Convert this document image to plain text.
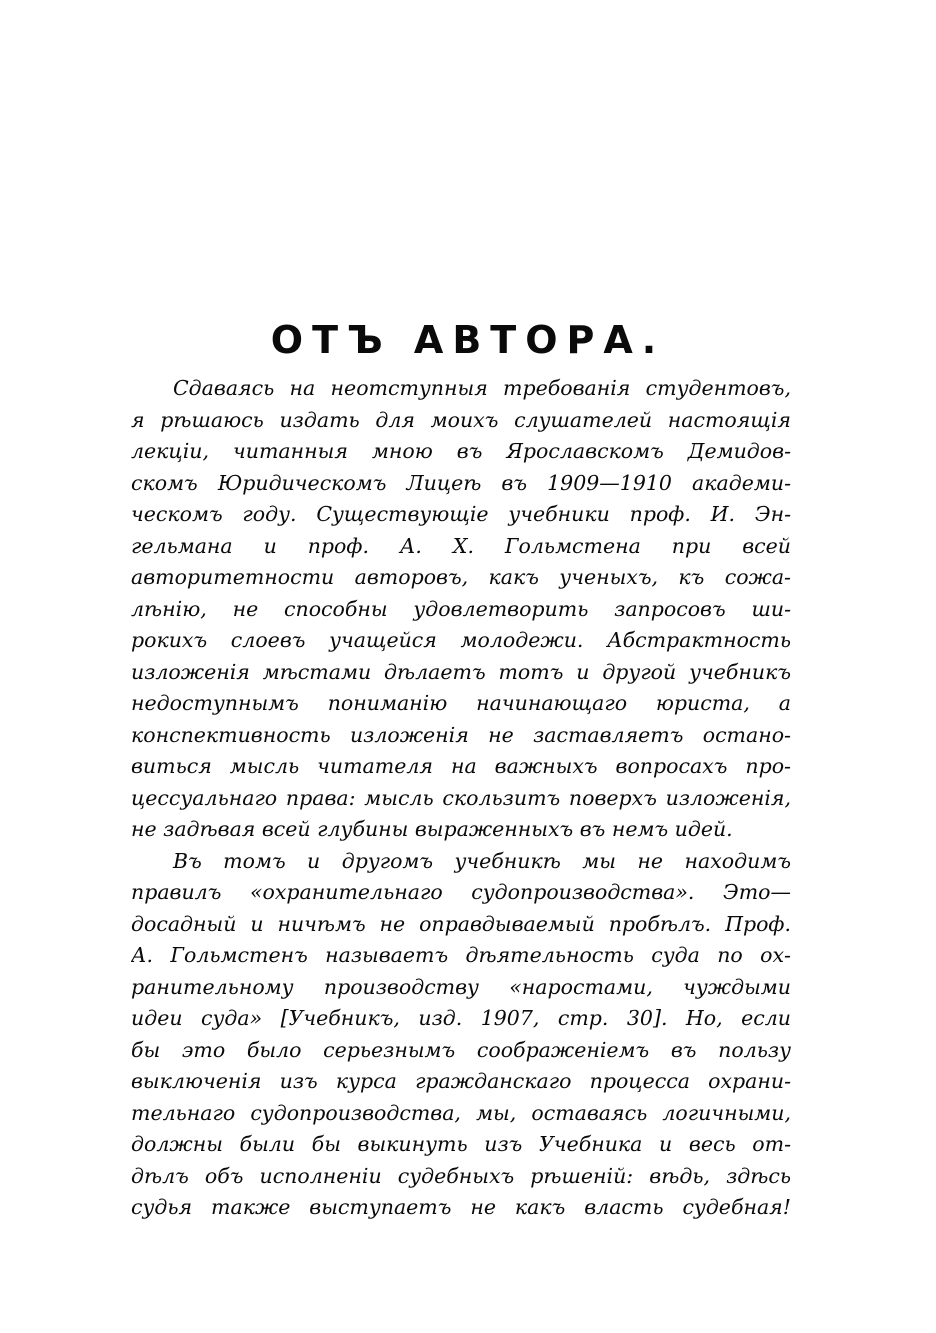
ОТЪ АВТОРА.
Сдаваясь на неотступныя требованія студентовъ,
я рѣшаюсь издать для моихъ слушателей настоящія
лекціи, читанныя мною въ Ярославскомъ Демидов-
скомъ Юридическомъ Лицеѣ въ 1909—1910 академи-
ческомъ году. Существующіе учебники проф. И. Эн-
гельмана и проф. А. Х. Гольмстена при всей
авторитетности авторовъ, какъ ученыхъ, къ сожа-
лѣнію, не способны удовлетворить запросовъ ши-
рокихъ слоевъ учащейся молодежи. Абстрактность
изложенія мѣстами дѣлаетъ тотъ и другой учебникъ
недоступнымъ пониманію начинающаго юриста, а
конспективность изложенія не заставляетъ остано-
виться мысль читателя на важныхъ вопросахъ про-
цессуальнаго права: мысль скользитъ поверхъ изложенія,
не задѣвая всей глубины выраженныхъ въ немъ идей.
Въ томъ и другомъ учебникѣ мы не находимъ
правилъ «охранительнаго судопроизводства». Это—
досадный и ничѣмъ не оправдываемый пробѣлъ. Проф.
А. Гольмстенъ называетъ дѣятельность суда по ох-
ранительному производству «наростами, чуждыми
идеи суда» [Учебникъ, изд. 1907, стр. 30]. Но, если
бы это было серьезнымъ соображеніемъ въ пользу
выключенія изъ курса гражданскаго процесса охрани-
тельнаго судопроизводства, мы, оставаясь логичными,
должны были бы выкинуть изъ Учебника и весь от-
дѣлъ объ исполненіи судебныхъ рѣшеній: вѣдь, здѣсь
судья также выступаетъ не какъ власть судебная!
